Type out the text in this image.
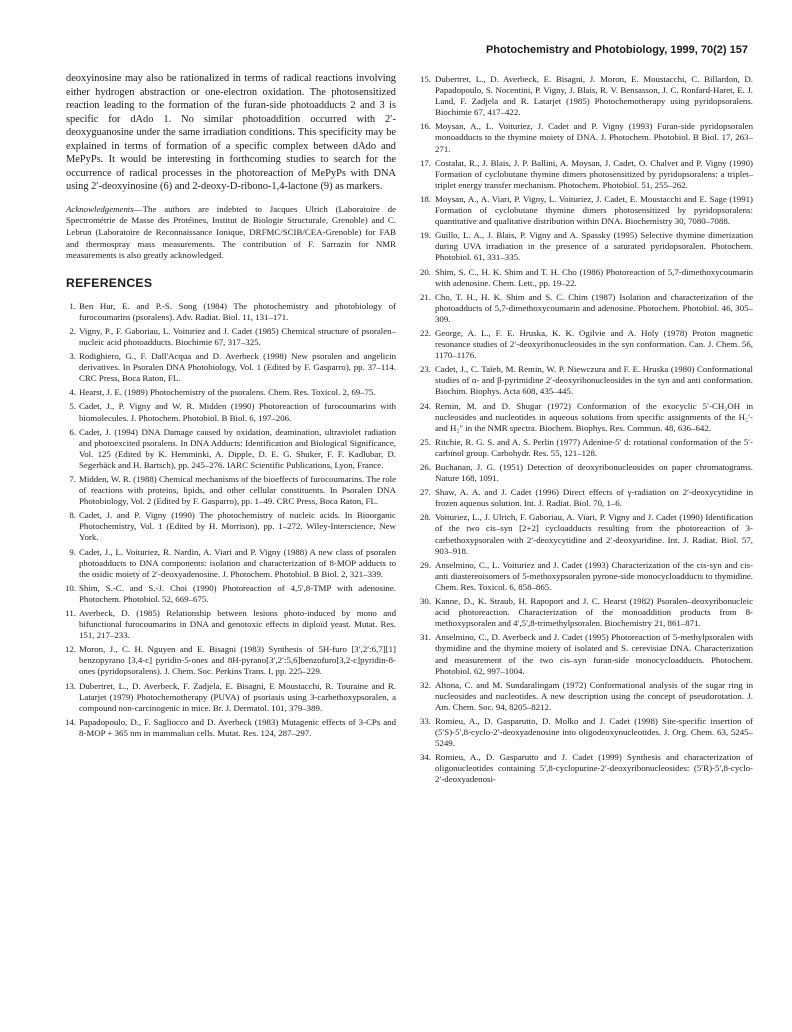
Photochemistry and Photobiology, 1999, 70(2) 157

deoxyinosine may also be rationalized in terms of radical reactions involving either hydrogen abstraction or one-electron oxidation. The photosensitized reaction leading to the formation of the furan-side photoadducts 2 and 3 is specific for dAdo 1. No similar photoaddition occurred with 2′-deoxyguanosine under the same irradiation conditions. This specificity may be explained in terms of formation of a specific complex between dAdo and MePyPs. It would be interesting in forthcoming studies to search for the occurrence of radical processes in the photoreaction of MePyPs with DNA using 2′-deoxyinosine (6) and 2-deoxy-D-ribono-1,4-lactone (9) as markers.

Acknowledgements—The authors are indebted to Jacques Ulrich (Laboratoire de Spectrométrie de Masse des Protéines, Institut de Biologie Structurale, Grenoble) and C. Lebrun (Laboratoire de Reconnaissance Ionique, DRFMC/SCIB/CEA-Grenoble) for FAB and thermospray mass measurements. The contribution of F. Sarrazin for NMR measurements is also greatly acknowledged.

REFERENCES
1. Ben Hur, E. and P.-S. Song (1984) The photochemistry and photobiology of furocoumarins (psoralens). Adv. Radiat. Biol. 11, 131–171.
2. Vigny, P., F. Gaboriau, L. Voituriez and J. Cadet (1985) Chemical structure of psoralen–nucleic acid photoadducts. Biochimie 67, 317–325.
3. Rodighiero, G., F. Dall'Acqua and D. Averbeck (1998) New psoralen and angelicin derivatives. In Psoralen DNA Photobiology, Vol. 1 (Edited by F. Gasparro), pp. 37–114. CRC Press, Boca Raton, FL.
4. Hearst, J. E. (1989) Photochemistry of the psoralens. Chem. Res. Toxicol. 2, 69–75.
5. Cadet, J., P. Vigny and W. R. Midden (1990) Photoreaction of furocoumarins with biomolecules. J. Photochem. Photobiol. B Biol. 6, 197–206.
6. Cadet, J. (1994) DNA Damage caused by oxidation, deamination, ultraviolet radiation and photoexcited psoralens. In DNA Adducts: Identification and Biological Significance, Vol. 125 (Edited by K. Hemminki, A. Dipple, D. E. G. Shuker, F. F. Kadlubar, D. Segerbäck and H. Bartsch), pp. 245–276. IARC Scientific Publications, Lyon, France.
7. Midden, W. R. (1988) Chemical mechanisms of the bioeffects of furocoumarins. The role of reactions with proteins, lipids, and other cellular constituents. In Psoralen DNA Photobiology, Vol. 2 (Edited by F. Gasparro), pp. 1–49. CRC Press, Boca Raton, FL.
8. Cadet, J. and P. Vigny (1990) The photochemistry of nucleic acids. In Bioorganic Photochemistry, Vol. 1 (Edited by H. Morrison), pp. 1–272. Wiley-Interscience, New York.
9. Cadet, J., L. Voituriez, R. Nardin, A. Viari and P. Vigny (1988) A new class of psoralen photoadducts to DNA components: isolation and characterization of 8-MOP adducts to the osidic moiety of 2′-deoxyadenosine. J. Photochem. Photobiol. B Biol. 2, 321–339.
10. Shim, S.-C. and S.-J. Choi (1990) Photoreaction of 4,5′,8-TMP with adenosine. Photochem. Photobiol. 52, 669–675.
11. Averbeck, D. (1985) Relationship between lesions photo-induced by mono and bifunctional furocoumarins in DNA and genotoxic effects in diploïd yeast. Mutat. Res. 151, 217–233.
12. Moron, J., C. H. Nguyen and E. Bisagni (1983) Synthesis of 5H-furo [3′,2′:6,7][1] benzopyrano [3,4-c] pyridin-5-ones and 8H-pyrano[3′,2′:5,6]benzofuro[3,2-c]pyridin-8-ones (pyridopsoralens). J. Chem. Soc. Perkins Trans. I, pp. 225–229.
13. Dubertret, L., D. Averbeck, F. Zadjela, E. Bisagni, E Moustacchi, R. Touraine and R. Latarjet (1979) Photochemotherapy (PUVA) of psoriasis using 3-carbethoxypsoralen, a compound non-carcinogenic in mice. Br. J. Dermatol. 101, 379–389.
14. Papadopoulo, D., F. Sagliocco and D. Averbeck (1983) Mutagenic effects of 3-CPs and 8-MOP + 365 nm in mammalian cells. Mutat. Res. 124, 287–297.
15. Dubertret, L., D. Averbeck, E. Bisagni, J. Moron, E. Moustacchi, C. Billardon, D. Papadopoulo, S. Nocentini, P. Vigny, J. Blais, R. V. Bensasson, J. C. Ronfard-Haret, E. J. Land, F. Zadjela and R. Latarjet (1985) Photochemotherapy using pyridopsoralens. Biochimie 67, 417–422.
16. Moysan, A., L. Voituriez, J. Cadet and P. Vigny (1993) Furan-side pyridopsoralen monoadducts to the thymine moiety of DNA. J. Photochem. Photobiol. B Biol. 17, 263–271.
17. Costalat, R., J. Blais, J. P. Ballini, A. Moysan, J. Cadet, O. Chalvet and P. Vigny (1990) Formation of cyclobutane thymine dimers photosensitized by pyridopsoralens: a triplet–triplet energy transfer mechanism. Photochem. Photobiol. 51, 255–262.
18. Moysan, A., A. Viari, P. Vigny, L. Voituriez, J. Cadet, E. Moustacchi and E. Sage (1991) Formation of cyclobutane thymine dimers photosensitized by pyridopsoralens: quantitative and qualitative distribution within DNA. Biochemistry 30, 7080–7088.
19. Guillo, L. A., J. Blais, P. Vigny and A. Spassky (1995) Selective thymine dimerization during UVA irradiation in the presence of a saturated pyridopsoralen. Photochem. Photobiol. 61, 331–335.
20. Shim, S. C., H. K. Shim and T. H. Cho (1986) Photoreaction of 5,7-dimethoxycoumarin with adenosine. Chem. Lett., pp. 19–22.
21. Cho, T. H., H. K. Shim and S. C. Chim (1987) Isolation and characterization of the photoadducts of 5,7-dimethoxycoumarin and adenosine. Photochem. Photobiol. 46, 305–309.
22. George, A. L., F. E. Hruska, K. K. Ogilvie and A. Holy (1978) Proton magnetic resonance studies of 2′-deoxyribonucleosides in the syn conformation. Can. J. Chem. 56, 1170–1176.
23. Cadet, J., C. Taïeb, M. Remin, W. P. Niewczura and F. E. Hruska (1980) Conformational studies of α- and β-pyrimidine 2′-deoxyribonucleosides in the syn and anti conformation. Biochim. Biophys. Acta 608, 435–445.
24. Remin, M. and D. Shugar (1972) Conformation of the exocyclic 5′-CH₂OH in nucleosides and nucleotides in aqueous solutions from specific assignments of the H₅′- and H₅″ in the NMR spectra. Biochem. Biophys. Res. Commun. 48, 636–642.
25. Ritchie, R. G. S. and A. S. Perlin (1977) Adenine-5′ d: rotational conformation of the 5′-carbinol group. Carbohydr. Res. 55, 121–128.
26. Buchanan, J. G. (1951) Detection of deoxyribonucleosides on paper chromatograms. Nature 168, 1091.
27. Shaw, A. A. and J. Cadet (1996) Direct effects of γ-radiation on 2′-deoxycytidine in frozen aqueous solution. Int. J. Radiat. Biol. 70, 1–6.
28. Voituriez, L., J. Ulrich, F. Gaboriau, A. Viari, P. Vigny and J. Cadet (1990) Identification of the two cis–syn [2+2] cycloadducts resulting from the photoreaction of 3-carbethoxypsoralen with 2′-deoxycytidine and 2′-deoxyuridine. Int. J. Radiat. Biol. 57, 903–918.
29. Anselmino, C., L. Voituriez and J. Cadet (1993) Characterization of the cis-syn and cis-anti diastereoisomers of 5-methoxypsoralen pyrone-side monocycloadducts to thymidine. Chem. Res. Toxicol. 6, 858–865.
30. Kanne, D., K. Straub, H. Rapoport and J. C. Hearst (1982) Psoralen–deoxyribonucleic acid photoreaction. Characterization of the monoaddition products from 8-methoxypsoralen and 4′,5′,8-trimethylpsoralen. Biochemistry 21, 861–871.
31. Anselmino, C., D. Averbeck and J. Cadet (1995) Photoreaction of 5-methylpsoralen with thymidine and the thymine moiety of isolated and S. cerevisiae DNA. Characterization and measurement of the two cis–syn furan-side monocycloadducts. Photochem. Photobiol. 62, 997–1004.
32. Altona, C. and M. Sundaralingam (1972) Conformational analysis of the sugar ring in nucleosides and nucleotides. A new description using the concept of pseudorotation. J. Am. Chem. Soc. 94, 8205–8212.
33. Romieu, A., D. Gasparutto, D. Molko and J. Cadet (1998) Site-specific insertion of (5′S)-5′,8-cyclo-2′-deoxyadenosine into oligodeoxynucleotides. J. Org. Chem. 63, 5245–5249.
34. Romieu, A., D. Gasparutto and J. Cadet (1999) Synthesis and characterization of oligonucleotides containing 5′,8-cyclopurine-2′-deoxyribonucleosides: (5′R)-5′,8-cyclo-2′-deoxyadenosi-
